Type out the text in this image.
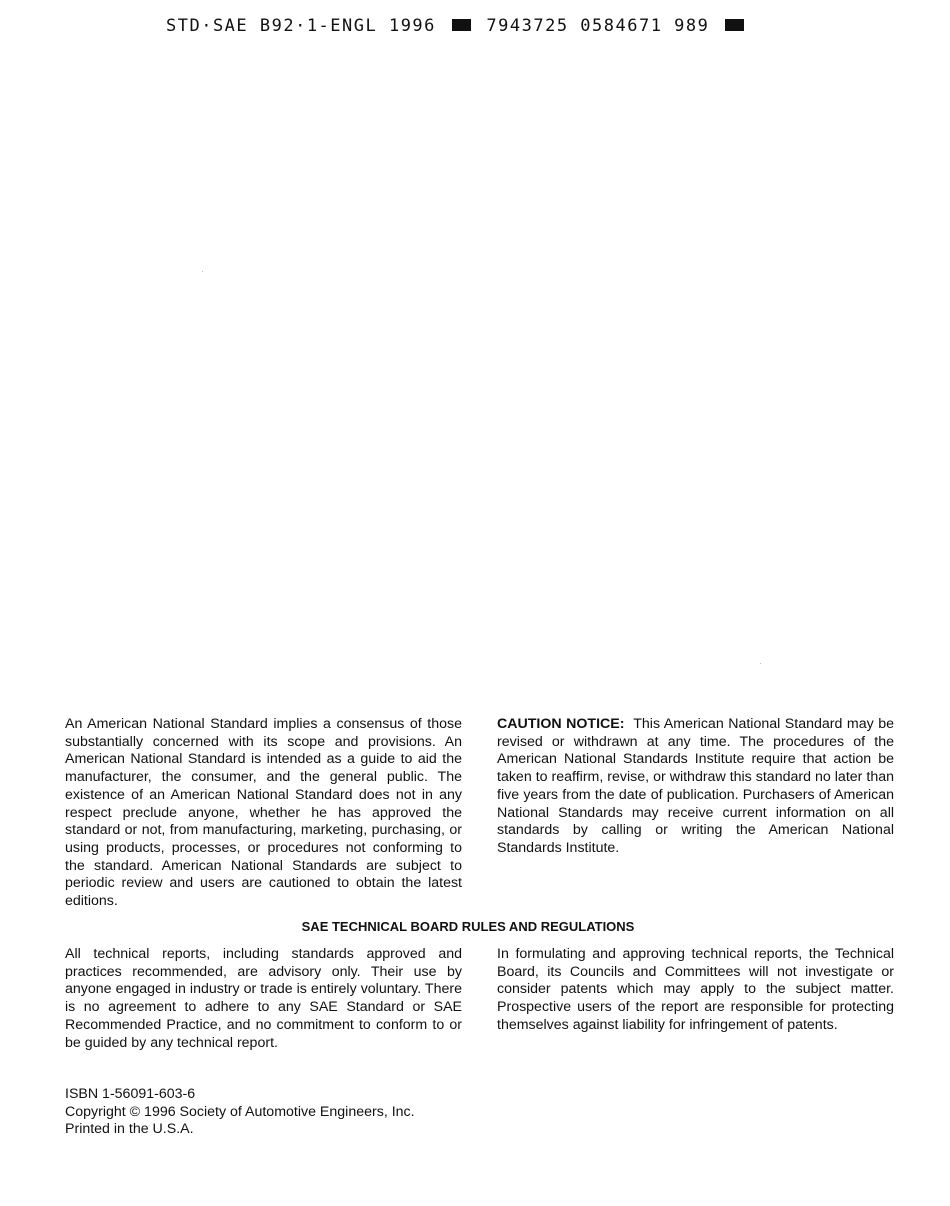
STD·SAE B92·1-ENGL 1996	7943725 0584671 989

An American National Standard implies a consensus of those substantially concerned with its scope and provisions. An American National Standard is intended as a guide to aid the manufacturer, the consumer, and the general public. The existence of an American National Standard does not in any respect preclude anyone, whether he has approved the standard or not, from manufacturing, marketing, purchasing, or using products, processes, or procedures not conforming to the standard. American National Standards are subject to periodic review and users are cautioned to obtain the latest editions.

CAUTION NOTICE: This American National Standard may be revised or withdrawn at any time. The procedures of the American National Standards Institute require that action be taken to reaffirm, revise, or withdraw this standard no later than five years from the date of publication. Purchasers of American National Standards may receive current information on all standards by calling or writing the American National Standards Institute.

SAE TECHNICAL BOARD RULES AND REGULATIONS

All technical reports, including standards approved and practices recommended, are advisory only. Their use by anyone engaged in industry or trade is entirely voluntary. There is no agreement to adhere to any SAE Standard or SAE Recommended Practice, and no commitment to conform to or be guided by any technical report.

In formulating and approving technical reports, the Technical Board, its Councils and Committees will not investigate or consider patents which may apply to the subject matter. Prospective users of the report are responsible for protecting themselves against liability for infringement of patents.

ISBN 1-56091-603-6
Copyright © 1996 Society of Automotive Engineers, Inc.
Printed in the U.S.A.
